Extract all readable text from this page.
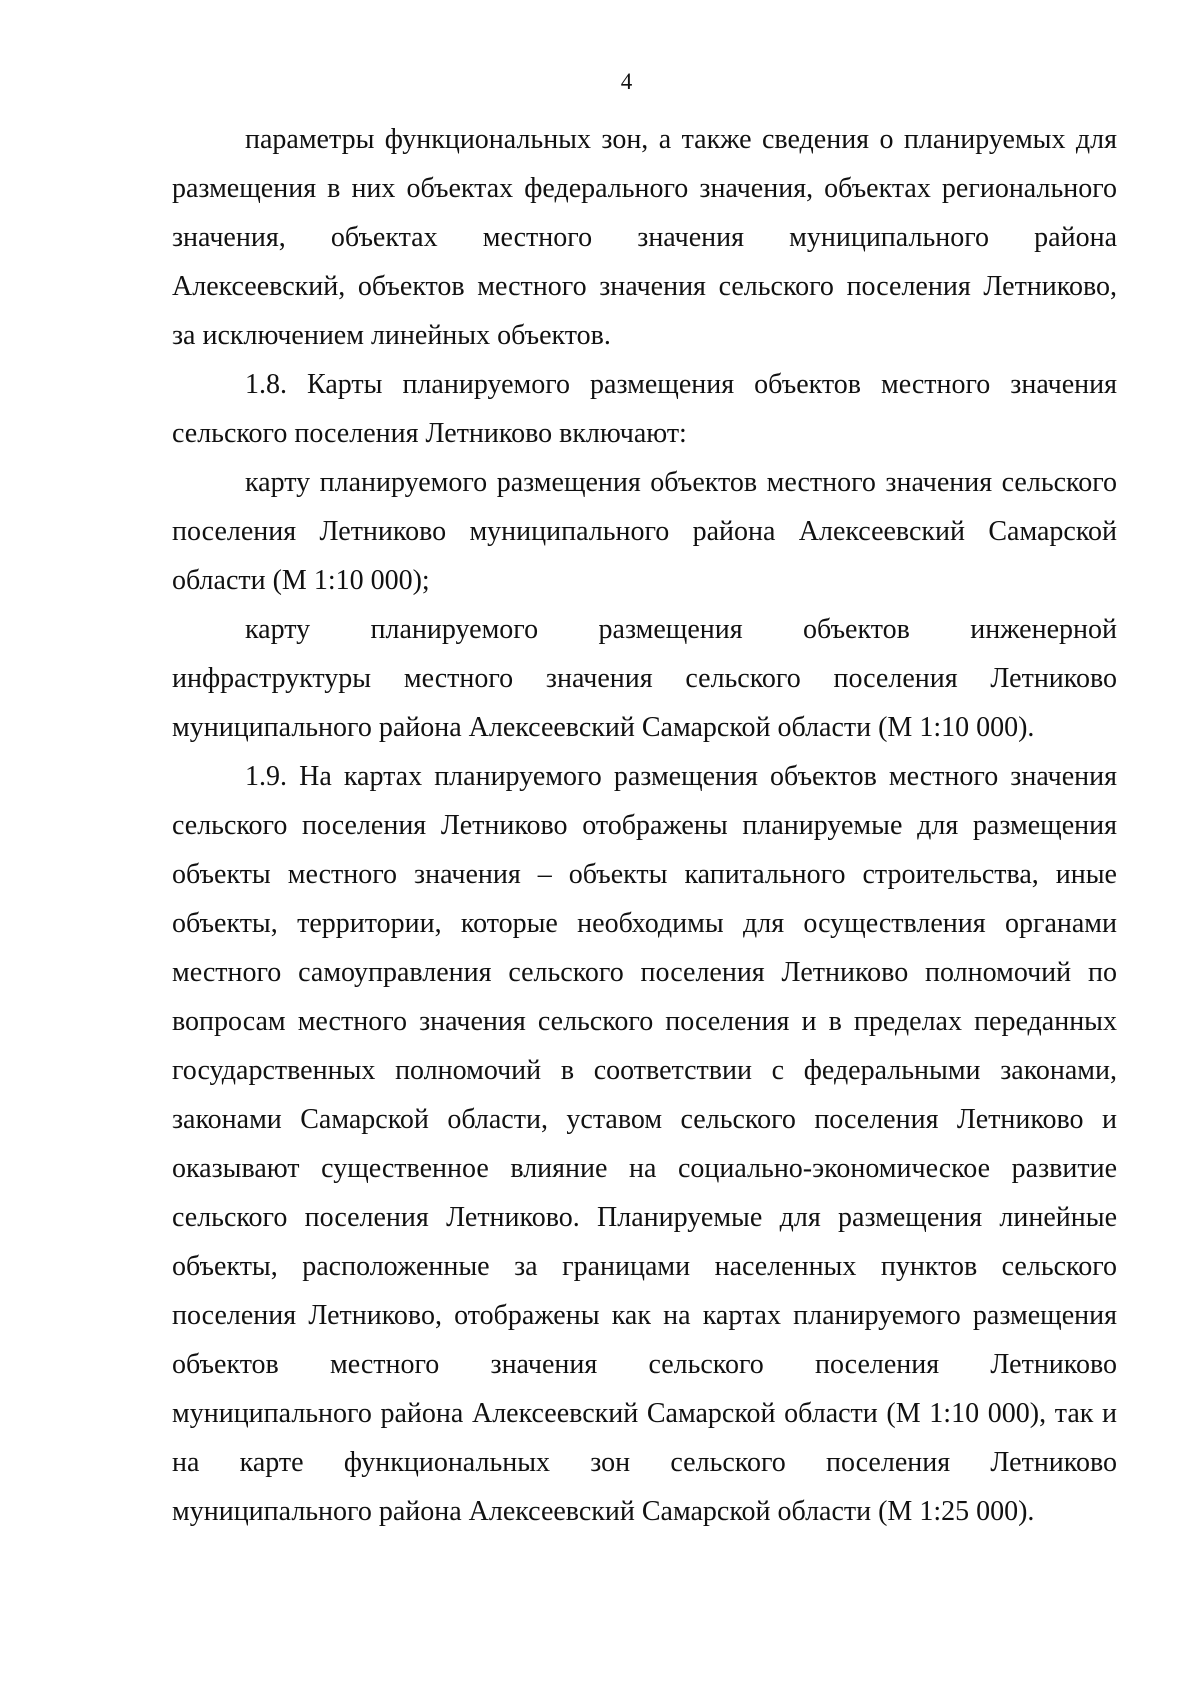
4
параметры функциональных зон, а также сведения о планируемых для
размещения в них объектах федерального значения, объектах регионального
значения, объектах местного значения муниципального района
Алексеевский, объектов местного значения сельского поселения Летниково,
за исключением линейных объектов.
1.8. Карты планируемого размещения объектов местного значения
сельского поселения Летниково включают:
карту планируемого размещения объектов местного значения сельского
поселения Летниково муниципального района Алексеевский Самарской
области (М 1:10 000);
карту планируемого размещения объектов инженерной
инфраструктуры местного значения сельского поселения Летниково
муниципального района Алексеевский Самарской области (М 1:10 000).
1.9. На картах планируемого размещения объектов местного значения
сельского поселения Летниково отображены планируемые для размещения
объекты местного значения – объекты капитального строительства, иные
объекты, территории, которые необходимы для осуществления органами
местного самоуправления сельского поселения Летниково полномочий по
вопросам местного значения сельского поселения и в пределах переданных
государственных полномочий в соответствии с федеральными законами,
законами Самарской области, уставом сельского поселения Летниково и
оказывают существенное влияние на социально-экономическое развитие
сельского поселения Летниково. Планируемые для размещения линейные
объекты, расположенные за границами населенных пунктов сельского
поселения Летниково, отображены как на картах планируемого размещения
объектов местного значения сельского поселения Летниково
муниципального района Алексеевский Самарской области (М 1:10 000), так и
на карте функциональных зон сельского поселения Летниково
муниципального района Алексеевский Самарской области (М 1:25 000).
